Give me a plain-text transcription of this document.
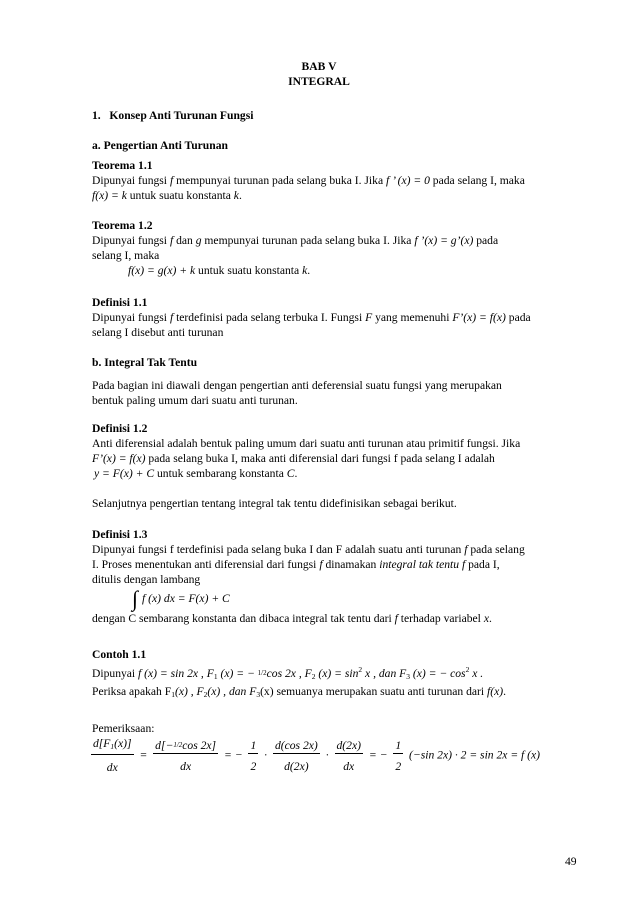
BAB V
INTEGRAL
1. Konsep Anti Turunan Fungsi
a. Pengertian Anti Turunan
Teorema 1.1
Dipunyai fungsi f mempunyai turunan pada selang buka I. Jika f ’ (x) = 0 pada selang I, maka
f(x) = k untuk suatu konstanta k.
Teorema 1.2
Dipunyai fungsi f dan g mempunyai turunan pada selang buka I. Jika f ’(x) = g’(x) pada
selang I, maka
f(x) = g(x) + k untuk suatu konstanta k.
Definisi 1.1
Dipunyai fungsi f terdefinisi pada selang terbuka I. Fungsi F yang memenuhi F’(x) = f(x) pada
selang I disebut anti turunan
b. Integral Tak Tentu
Pada bagian ini diawali dengan pengertian anti deferensial suatu fungsi yang merupakan
bentuk paling umum dari suatu anti turunan.
Definisi 1.2
Anti diferensial adalah bentuk paling umum dari suatu anti turunan atau primitif fungsi. Jika
F’(x) = f(x) pada selang buka I, maka anti diferensial dari fungsi f pada selang I adalah
y = F(x) + C untuk sembarang konstanta C.
Selanjutnya pengertian tentang integral tak tentu didefinisikan sebagai berikut.
Definisi 1.3
Dipunyai fungsi f terdefinisi pada selang buka I dan F adalah suatu anti turunan f pada selang
I. Proses menentukan anti diferensial dari fungsi f dinamakan integral tak tentu f pada I,
ditulis dengan lambang
∫ f (x) dx = F(x) + C
dengan C sembarang konstanta dan dibaca integral tak tentu dari f terhadap variabel x.
Contoh 1.1
Dipunyai f (x) = sin 2x , $F_1$ (x) = − 1/2cos 2x , $F_2$ $(x) = \sin^2 x$ , dan $F_3$ (x) = − $\cos^2 x$ .
Periksa apakah $F_1(x)$ , $F_2(x)$ , dan $F_3(x)$ semuanya merupakan suatu anti turunan dari f(x).
Pemeriksaan:
$\frac{d[F_1(x)]}{dx} = \frac{d[-1/2\cos 2x]}{dx}$ = − $\frac{1}{2} \cdot \frac{d(\cos 2x)}{d(2x)} \cdot \frac{d(2x)}{dx}$ = − $\frac{1}{2} (-\sin$ 2x) · 2 = sin 2x = f (x)
49
